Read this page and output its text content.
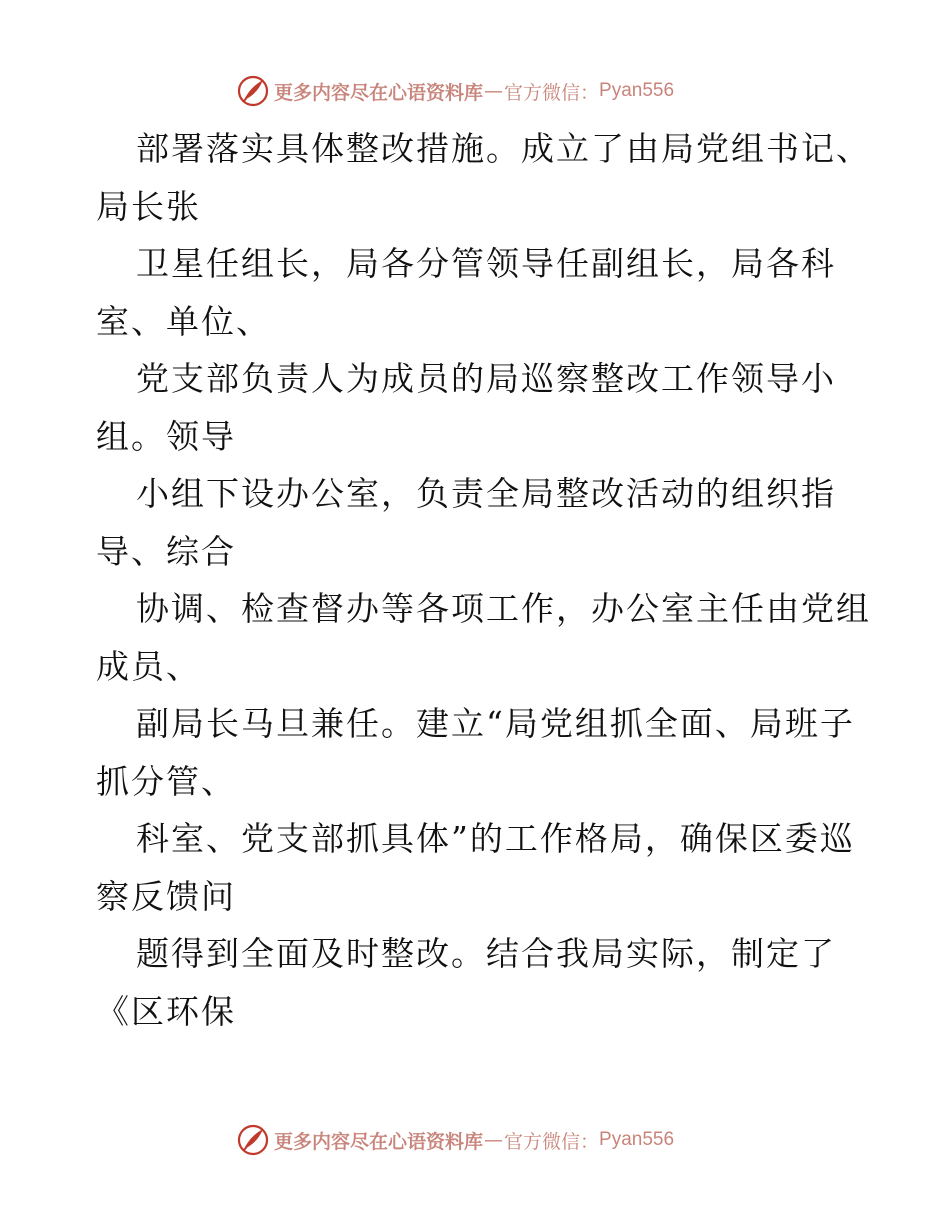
更多内容尽在心语资料库 — 官方微信： Pyan556
部署落实具体整改措施。成立了由局党组书记、
局长张
卫星任组长，局各分管领导任副组长，局各科
室、单位、
党支部负责人为成员的局巡察整改工作领导小
组。领导
小组下设办公室，负责全局整改活动的组织指
导、综合
协调、检查督办等各项工作，办公室主任由党组
成员、
副局长马旦兼任。建立“局党组抓全面、局班子
抓分管、
科室、党支部抓具体”的工作格局，确保区委巡
察反馈问
题得到全面及时整改。结合我局实际，制定了
《区环保
更多内容尽在心语资料库 — 官方微信： Pyan556
